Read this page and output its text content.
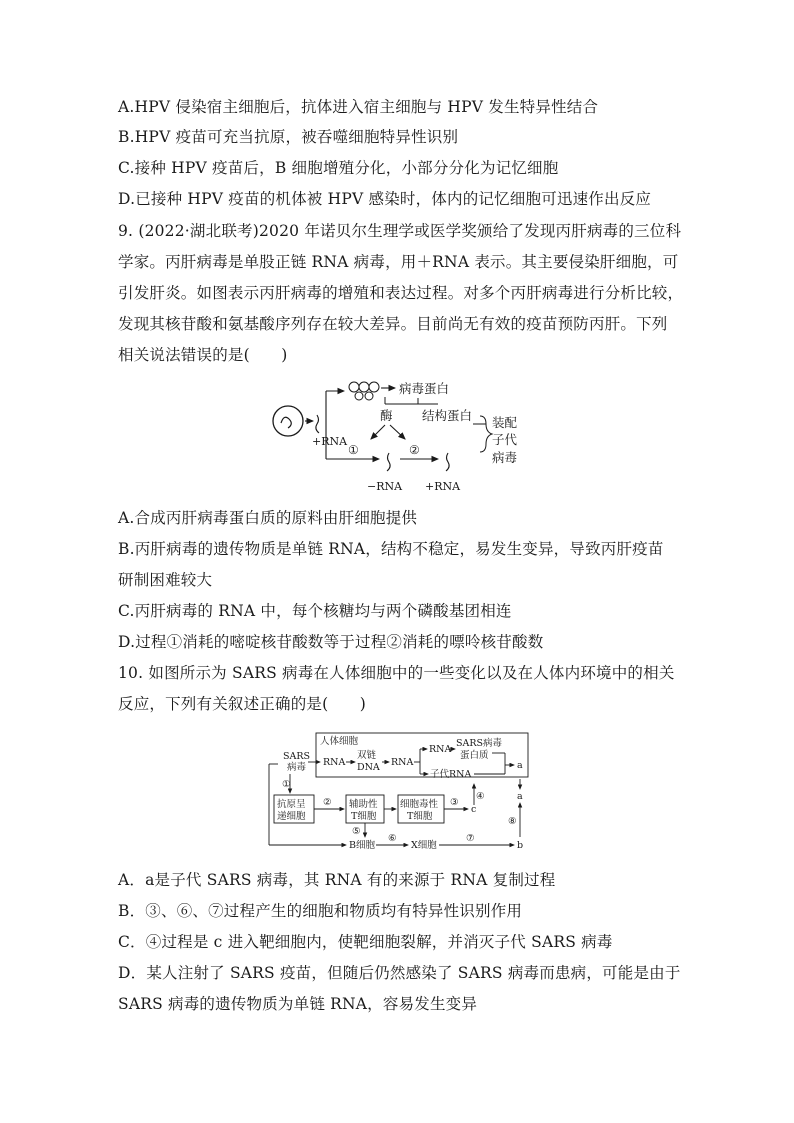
A.HPV 侵染宿主细胞后，抗体进入宿主细胞与 HPV 发生特异性结合
B.HPV 疫苗可充当抗原，被吞噬细胞特异性识别
C.接种 HPV 疫苗后，B 细胞增殖分化，小部分分化为记忆细胞
D.已接种 HPV 疫苗的机体被 HPV 感染时，体内的记忆细胞可迅速作出反应
9. (2022·湖北联考)2020 年诺贝尔生理学或医学奖颁给了发现丙肝病毒的三位科
学家。丙肝病毒是单股正链 RNA 病毒，用＋RNA 表示。其主要侵染肝细胞，可
引发肝炎。如图表示丙肝病毒的增殖和表达过程。对多个丙肝病毒进行分析比较，
发现其核苷酸和氨基酸序列存在较大差异。目前尚无有效的疫苗预防丙肝。下列
相关说法错误的是(　　)
+RNA
病毒蛋白
酶 结构蛋白 装配
子代
病毒
①	②
−RNA +RNA
A.合成丙肝病毒蛋白质的原料由肝细胞提供
B.丙肝病毒的遗传物质是单链 RNA，结构不稳定，易发生变异，导致丙肝疫苗
研制困难较大
C.丙肝病毒的 RNA 中，每个核糖均与两个磷酸基团相连
D.过程①消耗的嘧啶核苷酸数等于过程②消耗的嘌呤核苷酸数
10. 如图所示为 SARS 病毒在人体细胞中的一些变化以及在人体内环境中的相关
反应，下列有关叙述正确的是(　　)
SARS
病毒
人体细胞
RNA
双链
DNA RNA
RNA
SARS病毒
蛋白质
子代RNA
a
a
①
抗原呈
递细胞
② 辅助性
T细胞
细胞毒性
T细胞
③
c
④
⑤
B细胞
⑥
X细胞
⑦
b
⑧
A．a是子代 SARS 病毒，其 RNA 有的来源于 RNA 复制过程
B．③、⑥、⑦过程产生的细胞和物质均有特异性识别作用
C．④过程是 c 进入靶细胞内，使靶细胞裂解，并消灭子代 SARS 病毒
D．某人注射了 SARS 疫苗，但随后仍然感染了 SARS 病毒而患病，可能是由于
SARS 病毒的遗传物质为单链 RNA，容易发生变异
